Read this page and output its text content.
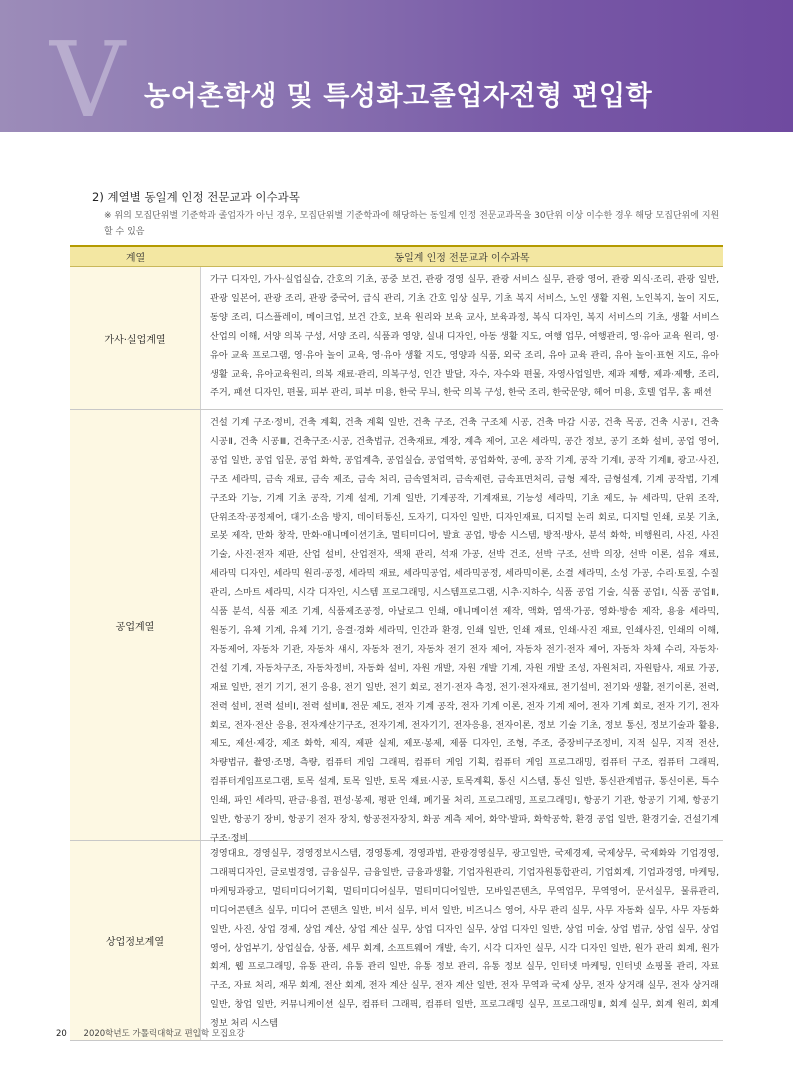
V 농어촌학생 및 특성화고졸업자전형 편입학
2) 계열별 동일계 인정 전문교과 이수과목
※ 위의 모집단위별 기준학과 졸업자가 아닌 경우, 모집단위별 기준학과에 해당하는 동일계 인정 전문교과목을 30단위 이상 이수한 경우 해당 모집단위에 지원할 수 있음
계열	동일계 인정 전문교과 이수과목
가사·실업계열
가구 디자인, 가사·실업실습, 간호의 기초, 공중 보건, 관광 경영 실무, 관광 서비스 실무, 관광 영어, 관광 외식·조리, 관광 일반, 관광 일본어, 관광 조리, 관광 중국어, 급식 관리, 기초 간호 임상 실무, 기초 복지 서비스, 노인 생활 지원, 노인복지, 놀이 지도, 동양 조리, 디스플레이, 메이크업, 보건 간호, 보육 원리와 보육 교사, 보육과정, 복식 디자인, 복지 서비스의 기초, 생활 서비스 산업의 이해, 서양 의복 구성, 서양 조리, 식품과 영양, 실내 디자인, 아동 생활 지도, 여행 업무, 여행관리, 영·유아 교육 원리, 영·유아 교육 프로그램, 영·유아 놀이 교육, 영·유아 생활 지도, 영양과 식품, 외국 조리, 유아 교육 관리, 유아 놀이·표현 지도, 유아 생활 교육, 유아교육원리, 의복 재료·관리, 의복구성, 인간 발달, 자수, 자수와 편물, 자영사업일반, 제과 제빵, 제과·제빵, 조리, 주거, 패션 디자인, 편물, 피부 관리, 피부 미용, 한국 무늬, 한국 의복 구성, 한국 조리, 한국문양, 헤어 미용, 호텔 업무, 홈 패션
공업계열
건설 기계 구조·정비, 건축 계획, 건축 계획 일반, 건축 구조, 건축 구조체 시공, 건축 마감 시공, 건축 목공, 건축 시공Ⅰ, 건축 시공Ⅱ, 건축 시공Ⅲ, 건축구조·시공, 건축법규, 건축재료, 계장, 계측 제어, 고온 세라믹, 공간 정보, 공기 조화 설비, 공업 영어, 공업 일반, 공업 입문, 공업 화학, 공업계측, 공업실습, 공업역학, 공업화학, 공예, 공작 기계, 공작 기계Ⅰ, 공작 기계Ⅱ, 광고·사진, 구조 세라믹, 금속 재료, 금속 제조, 금속 처리, 금속열처리, 금속제련, 금속표면처리, 금형 제작, 금형설계, 기계 공작법, 기계 구조와 기능, 기계 기초 공작, 기계 설계, 기계 일반, 기계공작, 기계재료, 기능성 세라믹, 기초 제도, 뉴 세라믹, 단위 조작, 단위조작·공정제어, 대기·소음 방지, 데이터통신, 도자기, 디자인 일반, 디자인재료, 디지털 논리 회로, 디지털 인쇄, 로봇 기초, 로봇 제작, 만화 창작, 만화·애니메이션기초, 멀티미디어, 발효 공업, 방송 시스템, 방적·방사, 분석 화학, 비행원리, 사진, 사진 기술, 사진·전자 제판, 산업 설비, 산업전자, 색채 관리, 석재 가공, 선박 건조, 선박 구조, 선박 의장, 선박 이론, 섬유 재료, 세라믹 디자인, 세라믹 원리·공정, 세라믹 재료, 세라믹공업, 세라믹공정, 세라믹이론, 소결 세라믹, 소성 가공, 수리·토질, 수질 관리, 스마트 세라믹, 시각 디자인, 시스템 프로그래밍, 시스템프로그램, 시추·지하수, 식품 공업 기술, 식품 공업Ⅰ, 식품 공업Ⅱ, 식품 분석, 식품 제조 기계, 식품제조공정, 아날로그 인쇄, 애니메이션 제작, 액화, 염색·가공, 영화·방송 제작, 용융 세라믹, 원동기, 유체 기계, 유체 기기, 응결·경화 세라믹, 인간과 환경, 인쇄 일반, 인쇄 재료, 인쇄·사진 재료, 인쇄사진, 인쇄의 이해, 자동제어, 자동차 기관, 자동차 섀시, 자동차 전기, 자동차 전기 전자 제어, 자동차 전기·전자 제어, 자동차 차체 수리, 자동차·건설 기계, 자동차구조, 자동차정비, 자동화 설비, 자원 개발, 자원 개발 기계, 자원 개발 조성, 자원처리, 자원탐사, 재료 가공, 재료 일반, 전기 기기, 전기 응용, 전기 일반, 전기 회로, 전기·전자 측정, 전기·전자재료, 전기설비, 전기와 생활, 전기이론, 전력, 전력 설비, 전력 설비Ⅰ, 전력 설비Ⅱ, 전문 제도, 전자 기계 공작, 전자 기계 이론, 전자 기계 제어, 전자 기계 회로, 전자 기기, 전자 회로, 전자·전산 응용, 전자계산기구조, 전자기계, 전자기기, 전자응용, 전자이론, 정보 기술 기초, 정보 통신, 정보기술과 활용, 제도, 제선·제강, 제조 화학, 제직, 제판 실제, 제포·봉제, 제품 디자인, 조형, 주조, 중장비구조정비, 지적 실무, 지적 전산, 차량법규, 촬영·조명, 측량, 컴퓨터 게임 그래픽, 컴퓨터 게임 기획, 컴퓨터 게임 프로그래밍, 컴퓨터 구조, 컴퓨터 그래픽, 컴퓨터게임프로그램, 토목 설계, 토목 일반, 토목 재료·시공, 토목계획, 통신 시스템, 통신 일반, 통신관계법규, 통신이론, 특수 인쇄, 파인 세라믹, 판금·용접, 편성·봉제, 평판 인쇄, 폐기물 처리, 프로그래밍, 프로그래밍Ⅰ, 항공기 기관, 항공기 기체, 항공기 일반, 항공기 장비, 항공기 전자 장치, 항공전자장치, 화공 계측 제어, 화약·발파, 화학공학, 환경 공업 일반, 환경기술, 건설기계 구조·정비
상업정보계열
경영대요, 경영실무, 경영정보시스템, 경영통계, 경영과법, 관광경영실무, 광고일반, 국제경제, 국제상무, 국제화와 기업경영, 그래픽디자인, 글로벌경영, 금융실무, 금융일반, 금융과생활, 기업자원관리, 기업자원통합관리, 기업회계, 기업과경영, 마케팅, 마케팅과광고, 멀티미디어기획, 멀티미디어실무, 멀티미디어일반, 모바일콘텐츠, 무역업무, 무역영어, 문서실무, 물류관리, 미디어콘텐츠 실무, 미디어 콘텐츠 일반, 비서 실무, 비서 일반, 비즈니스 영어, 사무 관리 실무, 사무 자동화 실무, 사무 자동화 일반, 사진, 상업 경제, 상업 계산, 상업 계산 실무, 상업 디자인 실무, 상업 디자인 일반, 상업 미술, 상업 법규, 상업 실무, 상업 영어, 상업부기, 상업실습, 상품, 세무 회계, 소프트웨어 개발, 속기, 시각 디자인 실무, 시각 디자인 일반, 원가 관리 회계, 원가 회계, 웹 프로그래밍, 유통 관리, 유통 관리 일반, 유통 정보 관리, 유통 정보 실무, 인터넷 마케팅, 인터넷 쇼핑몰 관리, 자료 구조, 자료 처리, 재무 회계, 전산 회계, 전자 계산 실무, 전자 계산 일반, 전자 무역과 국제 상무, 전자 상거래 실무, 전자 상거래 일반, 창업 일반, 커뮤니케이션 실무, 컴퓨터 그래픽, 컴퓨터 일반, 프로그래밍 실무, 프로그래밍Ⅱ, 회계 실무, 회계 원리, 회계 정보 처리 시스템
20 2020학년도 가톨릭대학교 편입학 모집요강
